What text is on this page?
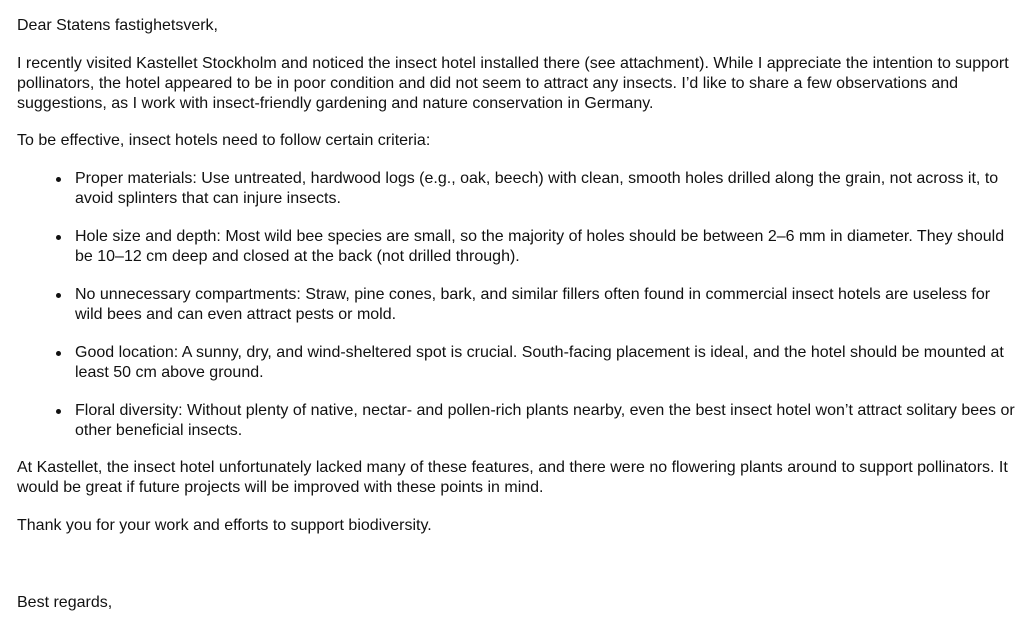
Dear Statens fastighetsverk,

I recently visited Kastellet Stockholm and noticed the insect hotel installed there (see attachment). While I appreciate the intention to support pollinators, the hotel appeared to be in poor condition and did not seem to attract any insects. I’d like to share a few observations and suggestions, as I work with insect-friendly gardening and nature conservation in Germany.

To be effective, insect hotels need to follow certain criteria:

Proper materials: Use untreated, hardwood logs (e.g., oak, beech) with clean, smooth holes drilled along the grain, not across it, to avoid splinters that can injure insects.
Hole size and depth: Most wild bee species are small, so the majority of holes should be between 2–6 mm in diameter. They should be 10–12 cm deep and closed at the back (not drilled through).
No unnecessary compartments: Straw, pine cones, bark, and similar fillers often found in commercial insect hotels are useless for wild bees and can even attract pests or mold.
Good location: A sunny, dry, and wind-sheltered spot is crucial. South-facing placement is ideal, and the hotel should be mounted at least 50 cm above ground.
Floral diversity: Without plenty of native, nectar- and pollen-rich plants nearby, even the best insect hotel won’t attract solitary bees or other beneficial insects.

At Kastellet, the insect hotel unfortunately lacked many of these features, and there were no flowering plants around to support pollinators. It would be great if future projects will be improved with these points in mind.

Thank you for your work and efforts to support biodiversity.

Best regards,
